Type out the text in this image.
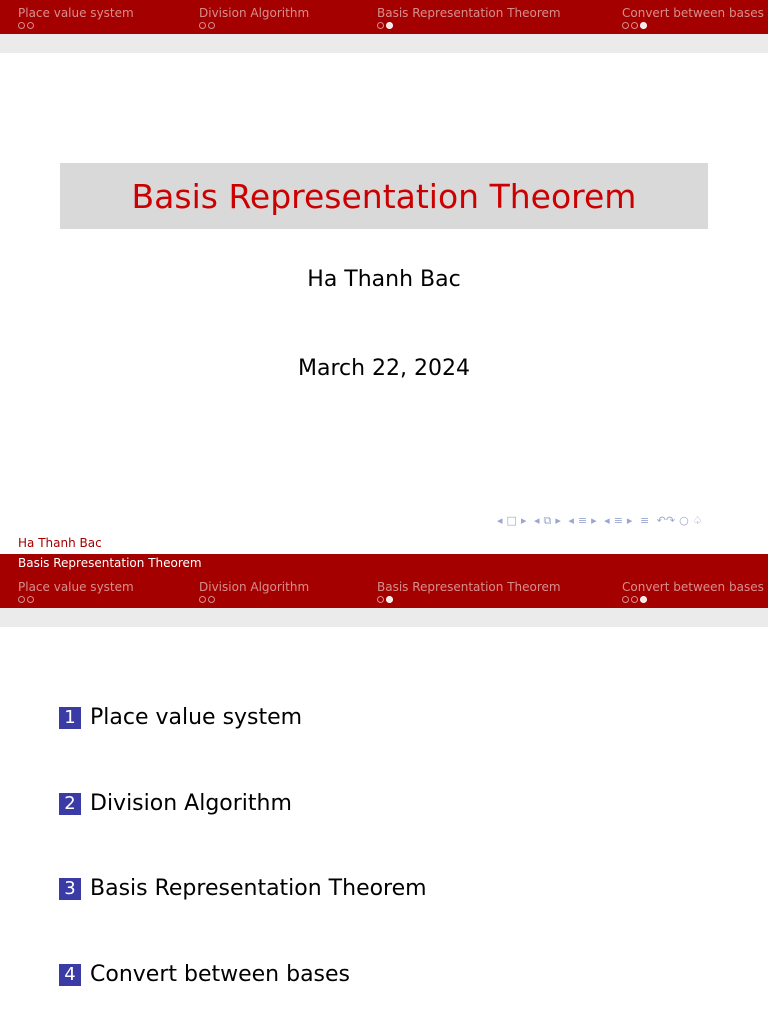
Place value system	Division Algorithm	Basis Representation Theorem	Convert between bases
Basis Representation Theorem
Ha Thanh Bac
March 22, 2024
◂ □ ▸ ◂ ⧉ ▸ ◂ ≡ ▸ ◂ ≡ ▸ ≡ ↶↷ ○ ♤
Ha Thanh Bac
Basis Representation Theorem
Place value system	Division Algorithm	Basis Representation Theorem	Convert between bases
1 Place value system
2 Division Algorithm
3 Basis Representation Theorem
4 Convert between bases
